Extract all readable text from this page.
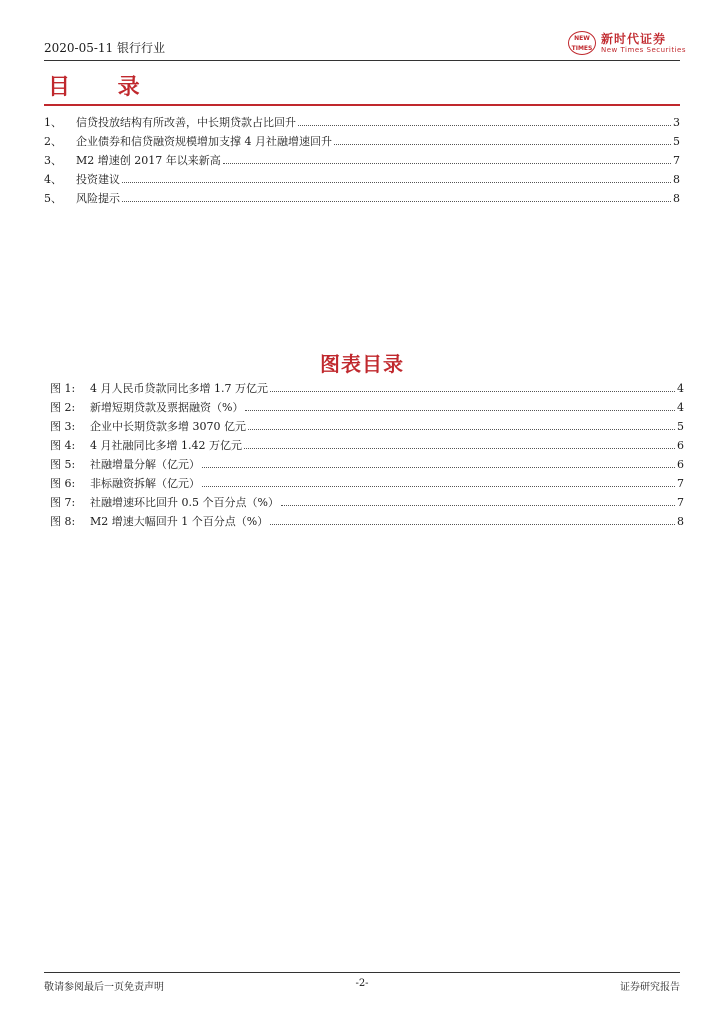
2020-05-11 银行行业
NEW
TIMES
新时代证券
New Times Securities
目 录
1、	信贷投放结构有所改善，中长期贷款占比回升	3
2、	企业债券和信贷融资规模增加支撑 4 月社融增速回升	5
3、	M2 增速创 2017 年以来新高	7
4、	投资建议	8
5、	风险提示	8
图表目录
图 1:	4 月人民币贷款同比多增 1.7 万亿元	4
图 2:	新增短期贷款及票据融资（%）	4
图 3:	企业中长期贷款多增 3070 亿元	5
图 4:	4 月社融同比多增 1.42 万亿元	6
图 5:	社融增量分解（亿元）	6
图 6:	非标融资拆解（亿元）	7
图 7:	社融增速环比回升 0.5 个百分点（%）	7
图 8:	M2 增速大幅回升 1 个百分点（%）	8
敬请参阅最后一页免责声明	-2-	证券研究报告
